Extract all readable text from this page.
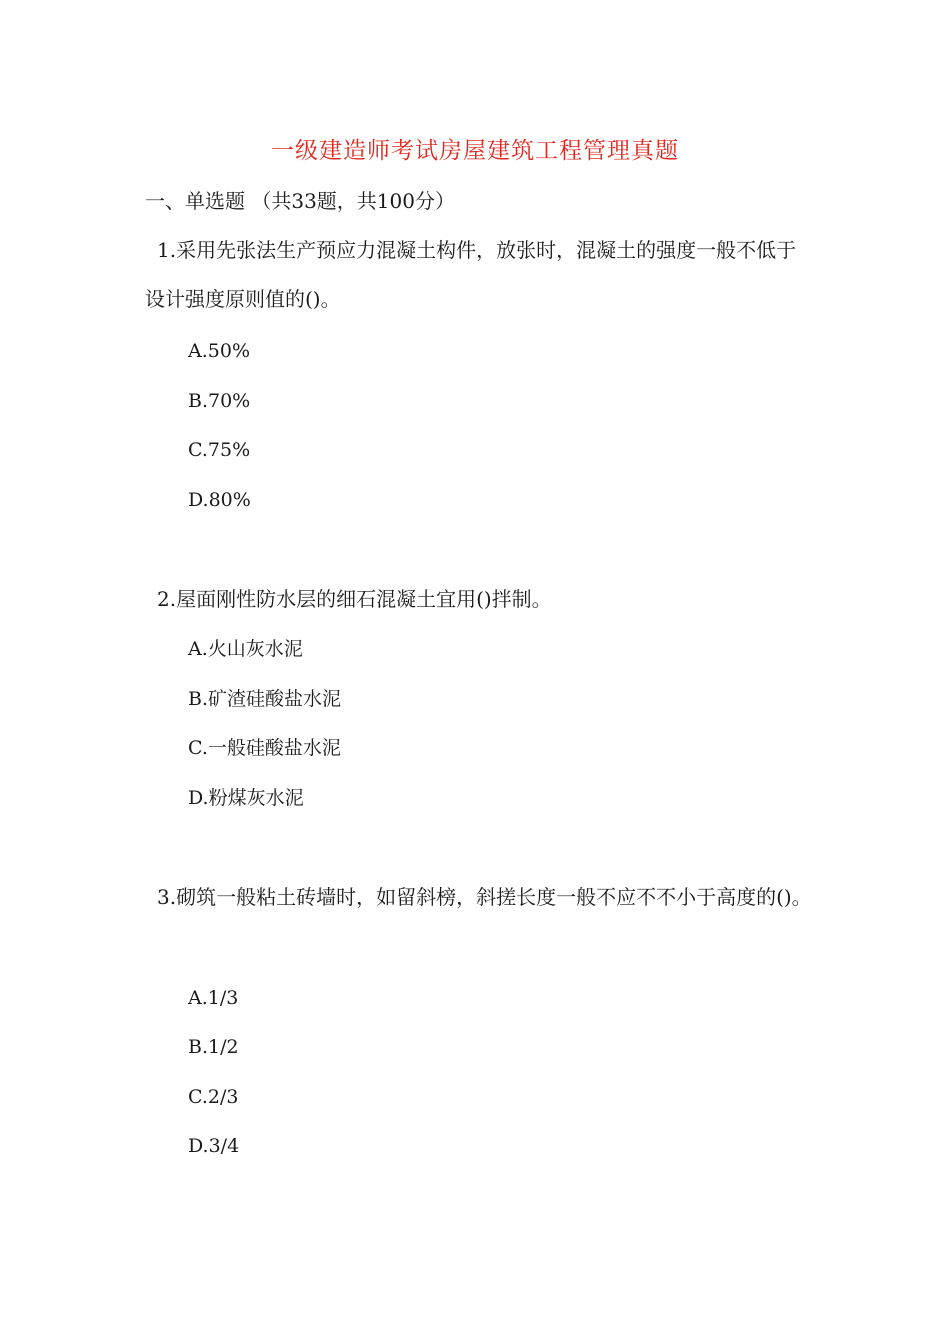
一级建造师考试房屋建筑工程管理真题
一、单选题 （共33题，共100分）
1.采用先张法生产预应力混凝土构件，放张时，混凝土的强度一般不低于设计强度原则值的()。
A.50%
B.70%
C.75%
D.80%
2.屋面刚性防水层的细石混凝土宜用()拌制。
A.火山灰水泥
B.矿渣硅酸盐水泥
C.一般硅酸盐水泥
D.粉煤灰水泥
3.砌筑一般粘土砖墙时，如留斜榜，斜搓长度一般不应不不小于高度的()。
A.1/3
B.1/2
C.2/3
D.3/4
